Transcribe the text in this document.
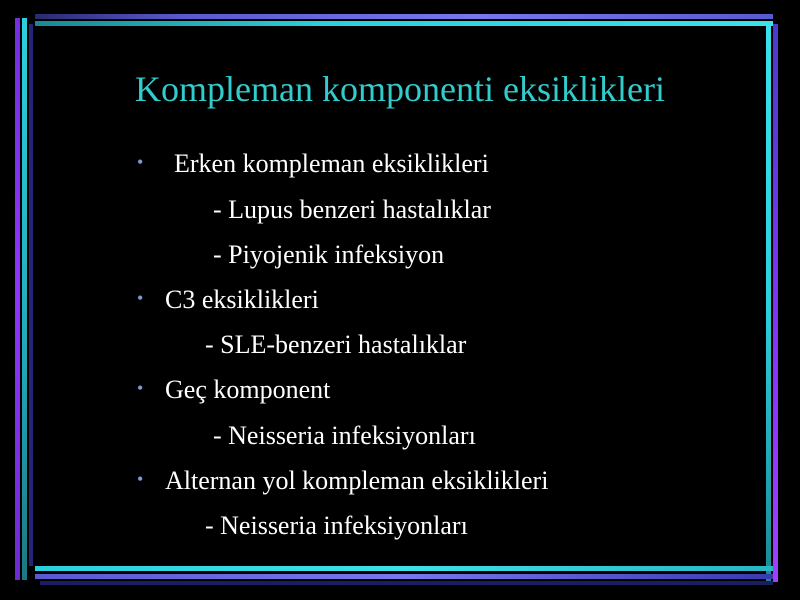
Kompleman komponenti eksiklikleri
• Erken kompleman eksiklikleri
- Lupus benzeri hastalıklar
- Piyojenik infeksiyon
• C3 eksiklikleri
- SLE-benzeri hastalıklar
• Geç komponent
- Neisseria infeksiyonları
• Alternan yol kompleman eksiklikleri
- Neisseria infeksiyonları
